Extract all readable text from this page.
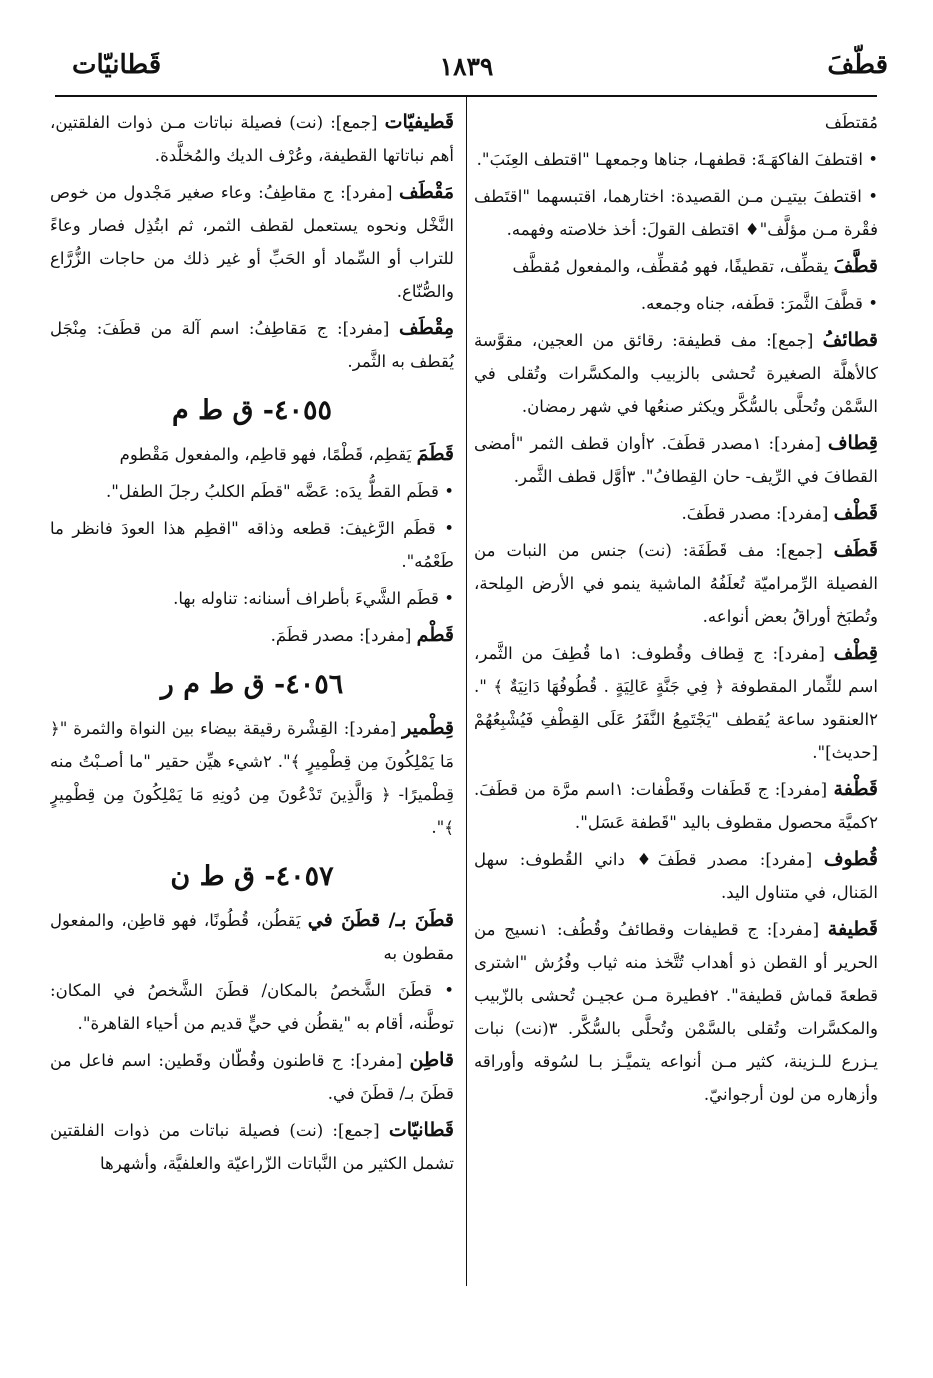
قطّفَ
١٨٣٩
قَطانيّات
مُقتطَف
• اقتطفَ الفاكهَـةَ: قطفهـا، جناها وجمعهـا "اقتطف العِنَبَ".
• اقتطفَ بيتيـن مـن القصيدة: اختارهما، اقتبسهما "اقتَطف فقْرة مـن مؤلَّف"♦ اقتطف القولَ: أخذ خلاصته وفهمه.
قطَّفَ يقطِّف، تقطيفًا، فهو مُقطِّف، والمفعول مُقطَّف
• قطَّفَ الثَّمرَ: قطَفه، جناه وجمعه.
قطائفُ [جمع]: مف قطيفة: رقائق من العجين، مقوَّسة كالأهلَّة الصغيرة تُحشى بالزبيب والمكسَّرات وتُقلى في السَّمْن وتُحلَّى بالسُّكَّر ويكثر صنعُها في شهر رمضان.
قِطاف [مفرد]: ١مصدر قطَفَ. ٢أوان قطف الثمر "أمضى القطافَ في الرِّيف- حان القِطافُ". ٣أوَّل قطف الثَّمر.
قَطْف [مفرد]: مصدر قطَفَ.
قَطَف [جمع]: مف قَطَفَة: (نت) جنس من النبات من الفصيلة الرِّمراميّة تُعلَفُهُ الماشية ينمو في الأرض المِلحة، وتُطبَخ أوراقُ بعض أنواعه.
قِطْف [مفرد]: ج قِطاف وقُطوف: ١ما قُطِفَ من الثَّمر، اسم للثِّمار المقطوفة ﴿ فِي جَنَّةٍ عَالِيَةٍ . قُطُوفُهَا دَانِيَةٌ ﴾ ". ٢العنقود ساعة يُقطف "يَجْتَمِعُ النَّفَرُ عَلَى القِطْفِ فَيُشْبِعُهُمْ [حديث]".
قَطْفة [مفرد]: ج قَطَفات وقَطْفات: ١اسم مرَّة من قطَفَ. ٢كميَّة محصول مقطوف باليد "قَطفة عَسَل".
قُطوف [مفرد]: مصدر قطَفَ♦ داني القُطوف: سهل المَنال، في متناول اليد.
قَطيفة [مفرد]: ج قطيفات وقطائفُ وقُطُف: ١نسيج من الحرير أو القطن ذو أهداب تُتَّخذ منه ثياب وفُرُش "اشترى قطعةَ قماش قطيفة". ٢فطيرة مـن عجيـن تُحشى بالزّبيب والمكسَّرات وتُقلى بالسَّمْن وتُحلَّى بالسُّكَّر. ٣(نت) نبات يـزرع للـزينة، كثير مـن أنواعه يتميَّـز بـا لسُوقه وأوراقه وأزهاره من لون أرجوانيّ.
قَطيفيّات [جمع]: (نت) فصيلة نباتات مـن ذوات الفلقتين، أهم نباتاتها القطيفة، وعُرْف الديك والمُخلَّدة.
مَقْطَف [مفرد]: ج مقاطِفُ: وعاء صغير مَجْدول من خوص النَّخْل ونحوه يستعمل لقطف الثمر، ثم ابتُذِل فصار وعاءً للتراب أو السِّماد أو الحَبِّ أو غير ذلك من حاجات الزُّرَّاع والصُّنّاع.
مِقْطَف [مفرد]: ج مَقاطِفُ: اسم آلة من قطَفَ: مِنْجَل يُقطف به الثَّمر.
٤٠٥٥- ق ط م
قَطَمَ يَقطِم، قَطْمًا، فهو قاطِم، والمفعول مَقْطوم
• قطَم القطُّ يدَه: عَضَّه "قطَم الكلبُ رجلَ الطفل".
• قطَم الرَّغيفَ: قطعه وذاقه "اقطِم هذا العودَ فانظر ما طَعْمُه".
• قطَم الشَّيءَ بأطراف أسنانه: تناوله بها.
قَطْم [مفرد]: مصدر قطَمَ.
٤٠٥٦- ق ط م ر
قِطْمير [مفرد]: القِشْرة رقيقة بيضاء بين النواة والثمرة "﴿ مَا يَمْلِكُونَ مِن قِطْمِيرٍ ﴾". ٢شيء هيِّن حقير "ما أصـبْتُ منه قِطْميرًا- ﴿ وَالَّذِينَ تَدْعُونَ مِن دُونِهِ مَا يَمْلِكُونَ مِن قِطْمِيرٍ ﴾".
٤٠٥٧- ق ط ن
قطَنَ بـ/ قطَنَ في يَقطُن، قُطُونًا، فهو قاطِن، والمفعول مقطون به
• قطَنَ الشَّخصُ بالمكان/ قطَنَ الشَّخصُ في المكان: توطَّنه، أقام به "يقطُن في حيٍّ قديم من أحياء القاهرة".
قاطِن [مفرد]: ج قاطنون وقُطّان وقَطين: اسم فاعل من قطَنَ بـ/ قطَنَ في.
قَطانيّات [جمع]: (نت) فصيلة نباتات من ذوات الفلقتين تشمل الكثير من النَّباتات الزّراعيّة والعلفيَّة، وأشهرها
